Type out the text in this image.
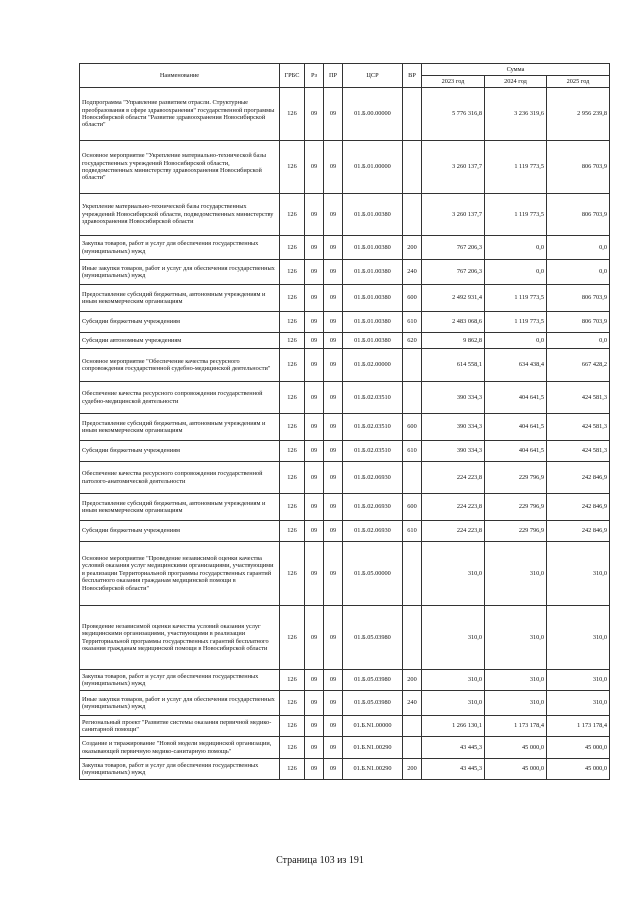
Наименование	ГРБС	Рз	ПР	ЦСР	ВР	Сумма		
						2023 год	2024 год	2025 год
Подпрограмма "Управление развитием отрасли. Структурные преобразования в сфере здравоохранения" государственной программы Новосибирской области "Развитие здравоохранения Новосибирской области"	126	09	09	01.Б.00.00000		5 776 316,8	3 236 319,6	2 956 239,8
Основное мероприятие "Укрепление материально-технической базы государственных учреждений Новосибирской области, подведомственных министерству здравоохранения Новосибирской области"	126	09	09	01.Б.01.00000		3 260 137,7	1 119 773,5	806 703,9
Укрепление материально-технической базы государственных учреждений Новосибирской области, подведомственных министерству здравоохранения Новосибирской области	126	09	09	01.Б.01.00380		3 260 137,7	1 119 773,5	806 703,9
Закупка товаров, работ и услуг для обеспечения государственных (муниципальных) нужд	126	09	09	01.Б.01.00380	200	767 206,3	0,0	0,0
Иные закупки товаров, работ и услуг для обеспечения государственных (муниципальных) нужд	126	09	09	01.Б.01.00380	240	767 206,3	0,0	0,0
Предоставление субсидий бюджетным, автономным учреждениям и иным некоммерческим организациям	126	09	09	01.Б.01.00380	600	2 492 931,4	1 119 773,5	806 703,9
Субсидии бюджетным учреждениям	126	09	09	01.Б.01.00380	610	2 483 068,6	1 119 773,5	806 703,9
Субсидии автономным учреждениям	126	09	09	01.Б.01.00380	620	9 862,8	0,0	0,0
Основное мероприятие "Обеспечение качества ресурсного сопровождения государственной судебно-медицинской деятельности"	126	09	09	01.Б.02.00000		614 558,1	634 438,4	667 428,2
Обеспечение качества ресурсного сопровождения государственной судебно-медицинской деятельности	126	09	09	01.Б.02.03510		390 334,3	404 641,5	424 581,3
Предоставление субсидий бюджетным, автономным учреждениям и иным некоммерческим организациям	126	09	09	01.Б.02.03510	600	390 334,3	404 641,5	424 581,3
Субсидии бюджетным учреждениям	126	09	09	01.Б.02.03510	610	390 334,3	404 641,5	424 581,3
Обеспечение качества ресурсного сопровождения государственной патолого-анатомической деятельности	126	09	09	01.Б.02.06930		224 223,8	229 796,9	242 846,9
Предоставление субсидий бюджетным, автономным учреждениям и иным некоммерческим организациям	126	09	09	01.Б.02.06930	600	224 223,8	229 796,9	242 846,9
Субсидии бюджетным учреждениям	126	09	09	01.Б.02.06930	610	224 223,8	229 796,9	242 846,9
Основное мероприятие "Проведение независимой оценки качества условий оказания услуг медицинскими организациями, участвующими в реализации Территориальной программы государственных гарантий бесплатного оказания гражданам медицинской помощи в Новосибирской области"	126	09	09	01.Б.05.00000		310,0	310,0	310,0
Проведение независимой оценки качества условий оказания услуг медицинскими организациями, участвующими в реализации Территориальной программы государственных гарантий бесплатного оказания гражданам медицинской помощи в Новосибирской области	126	09	09	01.Б.05.03980		310,0	310,0	310,0
Закупка товаров, работ и услуг для обеспечения государственных (муниципальных) нужд	126	09	09	01.Б.05.03980	200	310,0	310,0	310,0
Иные закупки товаров, работ и услуг для обеспечения государственных (муниципальных) нужд	126	09	09	01.Б.05.03980	240	310,0	310,0	310,0
Региональный проект "Развитие системы оказания первичной медико-санитарной помощи"	126	09	09	01.Б.N1.00000		1 266 130,1	1 173 178,4	1 173 178,4
Создание и тиражирование "Новой модели медицинской организации, оказывающей первичную медико-санитарную помощь"	126	09	09	01.Б.N1.00290		43 445,3	45 000,0	45 000,0
Закупка товаров, работ и услуг для обеспечения государственных (муниципальных) нужд	126	09	09	01.Б.N1.00290	200	43 445,3	45 000,0	45 000,0
Страница 103 из 191
